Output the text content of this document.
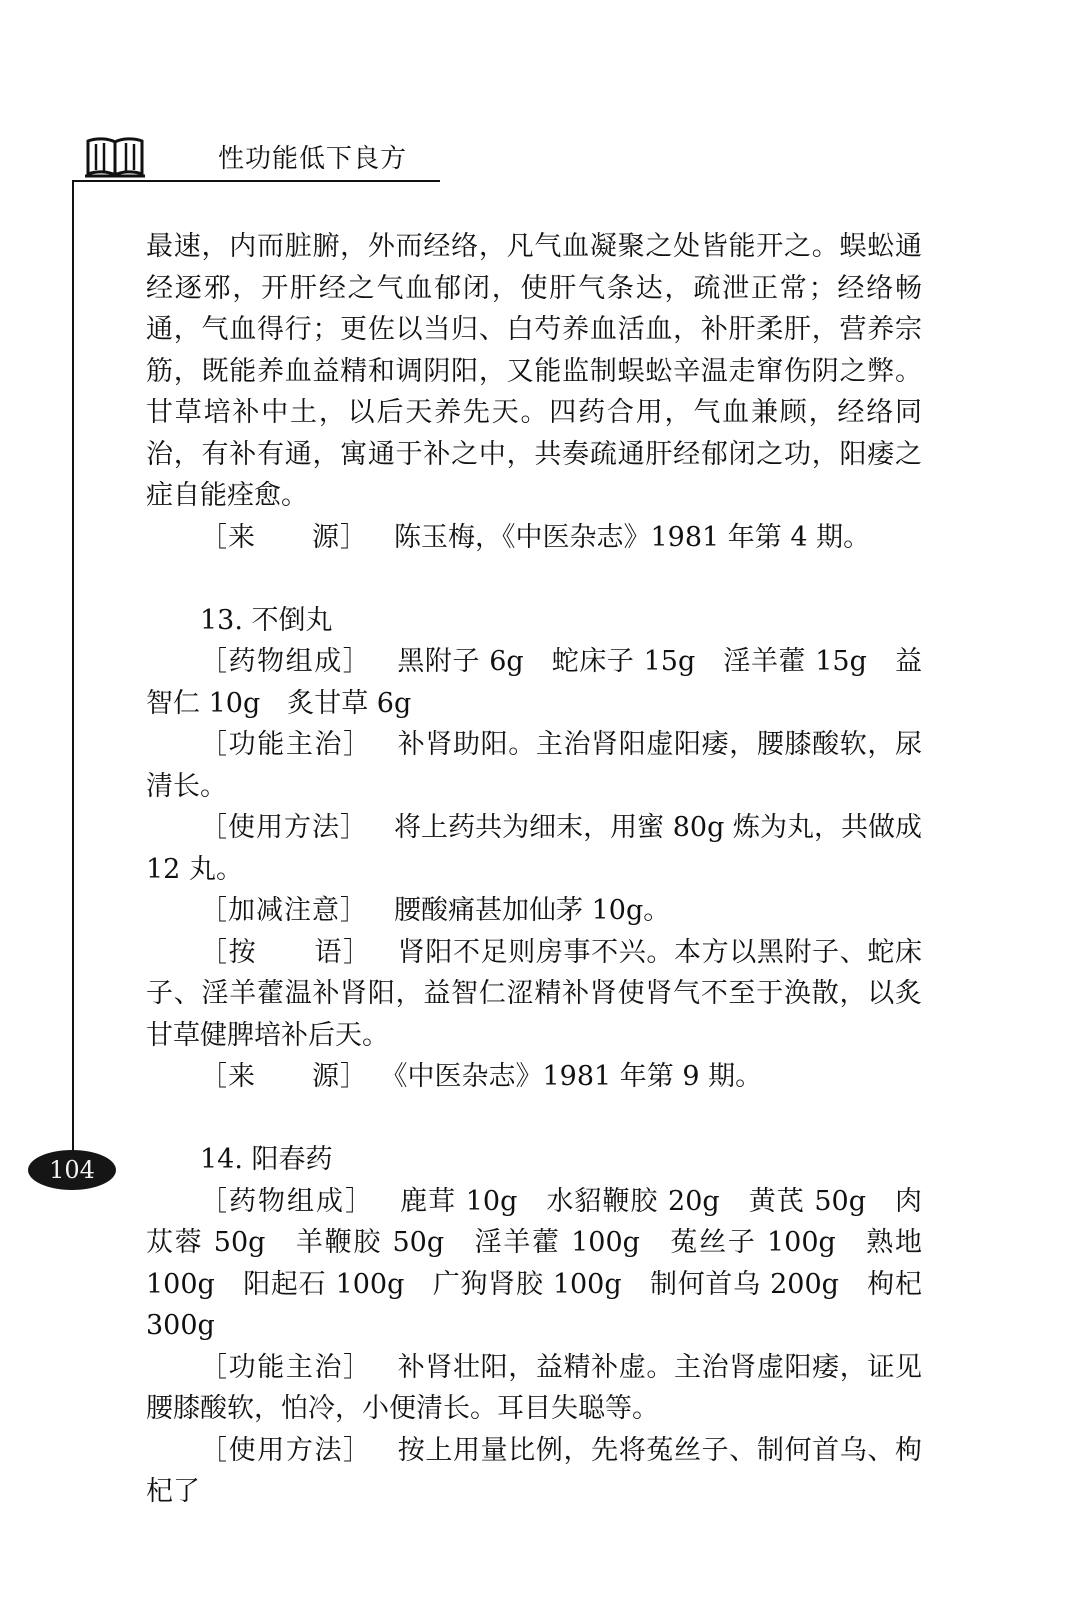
性功能低下良方
104

最速，内而脏腑，外而经络，凡气血凝聚之处皆能开之。蜈蚣通经逐邪，开肝经之气血郁闭，使肝气条达，疏泄正常；经络畅通，气血得行；更佐以当归、白芍养血活血，补肝柔肝，营养宗筋，既能养血益精和调阴阳，又能监制蜈蚣辛温走窜伤阴之弊。甘草培补中土，以后天养先天。四药合用，气血兼顾，经络同治，有补有通，寓通于补之中，共奏疏通肝经郁闭之功，阳痿之症自能痊愈。

［来　　源］ 陈玉梅，《中医杂志》1981 年第 4 期。

13. 不倒丸

［药物组成］ 黑附子 6g　蛇床子 15g　淫羊藿 15g　益智仁 10g　炙甘草 6g

［功能主治］ 补肾助阳。主治肾阳虚阳痿，腰膝酸软，尿清长。

［使用方法］ 将上药共为细末，用蜜 80g 炼为丸，共做成 12 丸。

［加减注意］ 腰酸痛甚加仙茅 10g。

［按　　语］ 肾阳不足则房事不兴。本方以黑附子、蛇床子、淫羊藿温补肾阳，益智仁涩精补肾使肾气不至于涣散，以炙甘草健脾培补后天。

［来　　源］ 《中医杂志》1981 年第 9 期。

14. 阳春药

［药物组成］ 鹿茸 10g　水貂鞭胶 20g　黄芪 50g　肉苁蓉 50g　羊鞭胶 50g　淫羊藿 100g　菟丝子 100g　熟地 100g　阳起石 100g　广狗肾胶 100g　制何首乌 200g　枸杞 300g

［功能主治］ 补肾壮阳，益精补虚。主治肾虚阳痿，证见腰膝酸软，怕冷，小便清长。耳目失聪等。

［使用方法］ 按上用量比例，先将菟丝子、制何首乌、枸杞了
